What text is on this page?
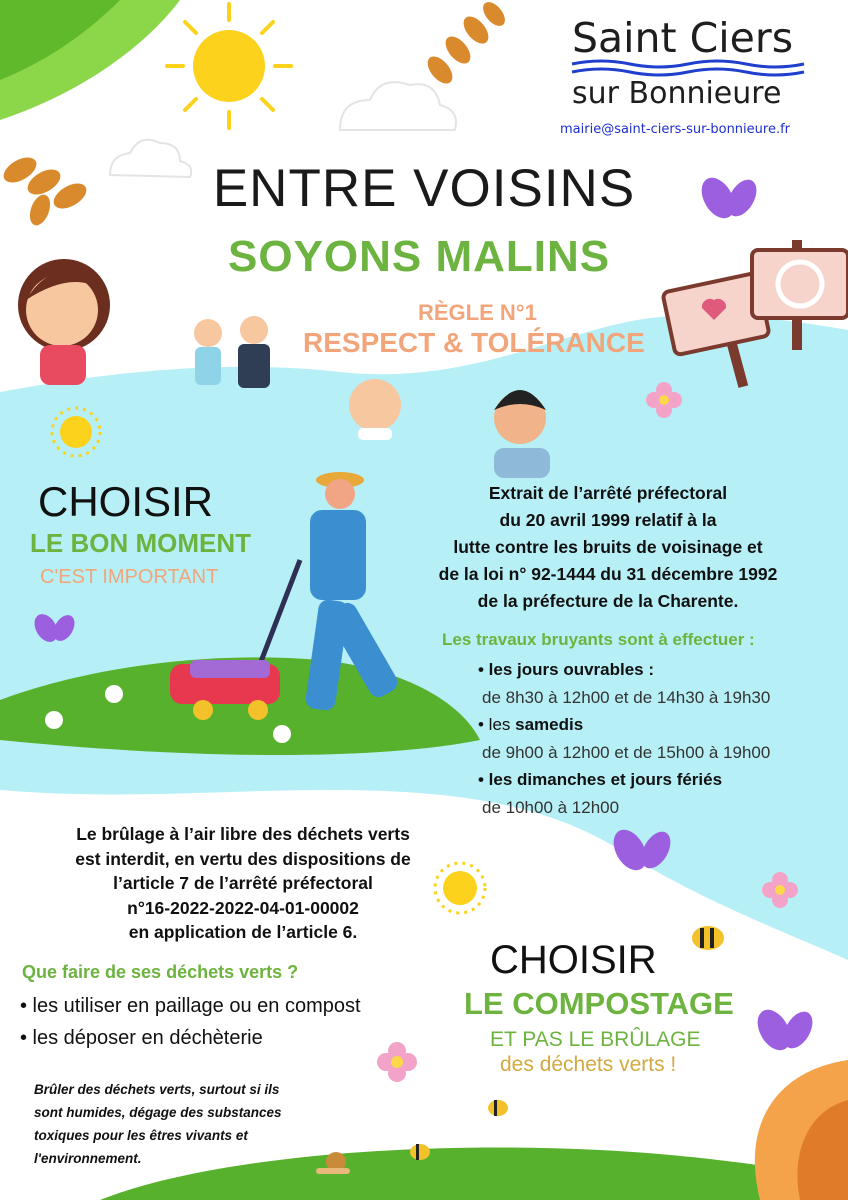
Saint Ciers
sur Bonnieure
mairie@saint-ciers-sur-bonnieure.fr
ENTRE VOISINS
SOYONS MALINS
RÈGLE N°1
RESPECT & TOLÉRANCE
CHOISIR
LE BON MOMENT
C'EST IMPORTANT
Extrait de l’arrêté préfectoral
du 20 avril 1999 relatif à la
lutte contre les bruits de voisinage et
de la loi n° 92-1444 du 31 décembre 1992
de la préfecture de la Charente.
Les travaux bruyants sont à effectuer :
• les jours ouvrables :
de 8h30 à 12h00 et de 14h30 à 19h30
• les samedis
de 9h00 à 12h00 et de 15h00 à 19h00
• les dimanches et jours fériés
de 10h00 à 12h00
Le brûlage à l’air libre des déchets verts
est interdit, en vertu des dispositions de
l’article 7 de l’arrêté préfectoral
n°16-2022-2022-04-01-00002
en application de l’article 6.
Que faire de ses déchets verts ?
• les utiliser en paillage ou en compost
• les déposer en déchèterie
CHOISIR
LE COMPOSTAGE
ET PAS LE BRÛLAGE
des déchets verts !
Brûler des déchets verts, surtout si ils
sont humides, dégage des substances
toxiques pour les êtres vivants et
l'environnement.
